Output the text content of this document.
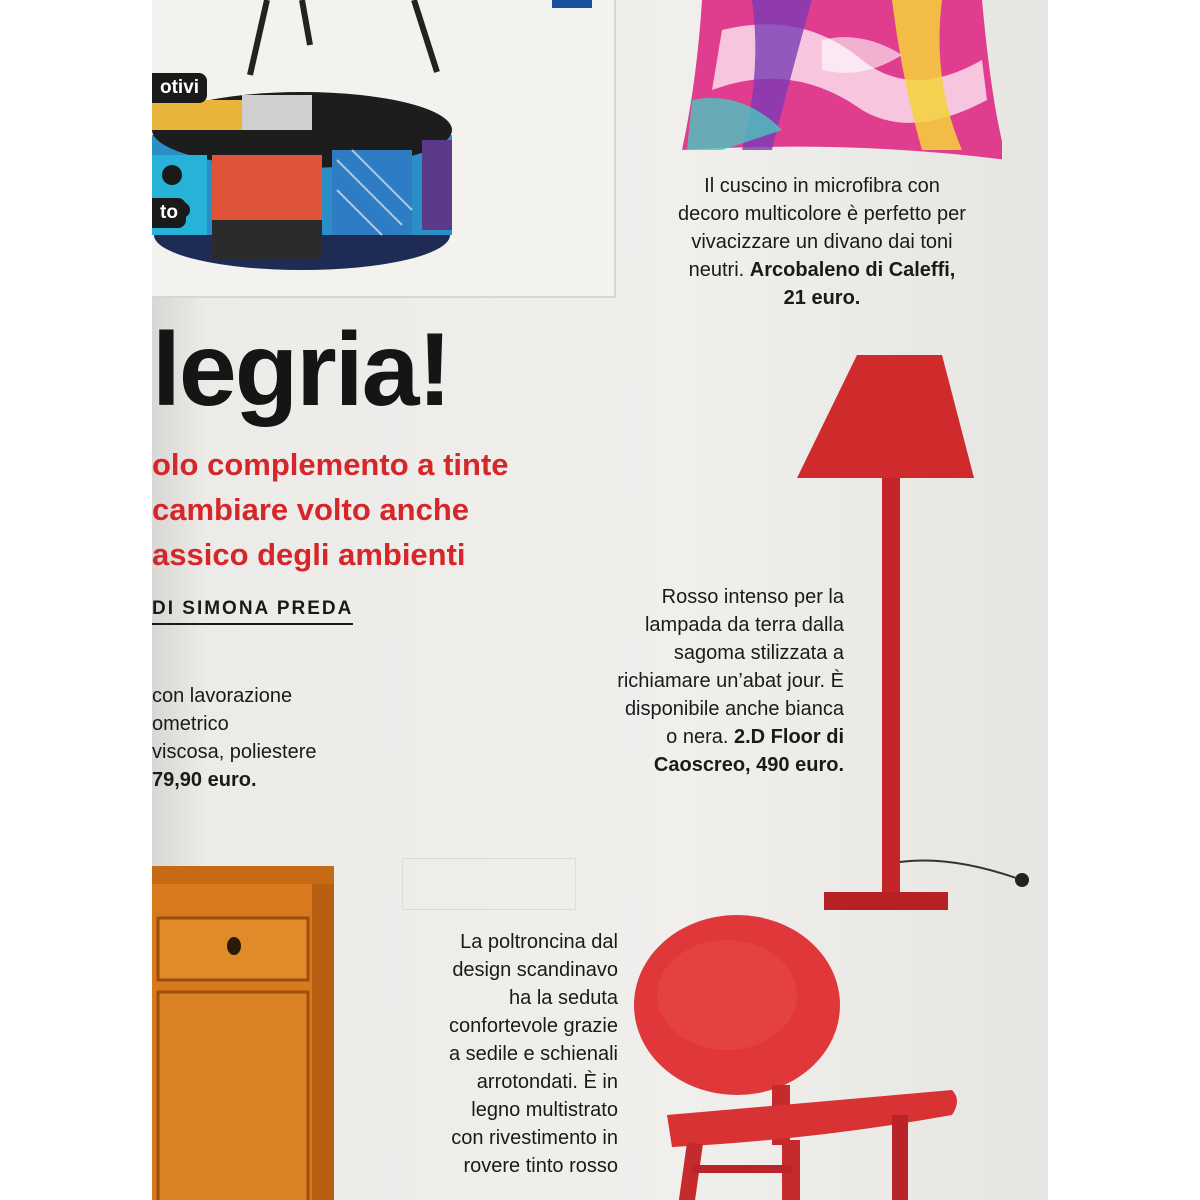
otivi
to
Il cuscino in microfibra con
decoro multicolore è perfetto per
vivacizzare un divano dai toni
neutri. Arcobaleno di Caleffi,
21 euro.
legria!
olo complemento a tinte
cambiare volto anche
assico degli ambienti
DI SIMONA PREDA
con lavorazione
ometrico
viscosa, poliestere
79,90 euro.
Rosso intenso per la
lampada da terra dalla
sagoma stilizzata a
richiamare un’abat jour. È
disponibile anche bianca
o nera. 2.D Floor di
Caoscreo, 490 euro.
La poltroncina dal
design scandinavo
ha la seduta
confortevole grazie
a sedile e schienali
arrotondati. È in
legno multistrato
con rivestimento in
rovere tinto rosso
